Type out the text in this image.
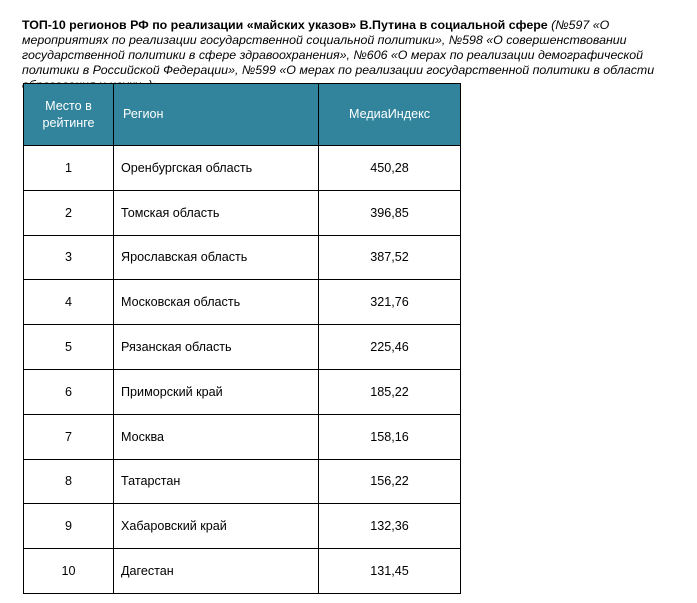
ТОП-10 регионов РФ по реализации «майских указов» В.Путина в социальной сфере (№597 «О мероприятиях по реализации государственной социальной политики», №598 «О совершенствовании государственной политики в сфере здравоохранения», №606 «О мерах по реализации демографической политики в Российской Федерации», №599 «О мерах по реализации государственной политики в области

Место в рейтинге	Регион	МедиаИндекс
1	Оренбургская область	450,28
2	Томская область	396,85
3	Ярославская область	387,52
4	Московская область	321,76
5	Рязанская область	225,46
6	Приморский край	185,22
7	Москва	158,16
8	Татарстан	156,22
9	Хабаровский край	132,36
10	Дагестан	131,45
